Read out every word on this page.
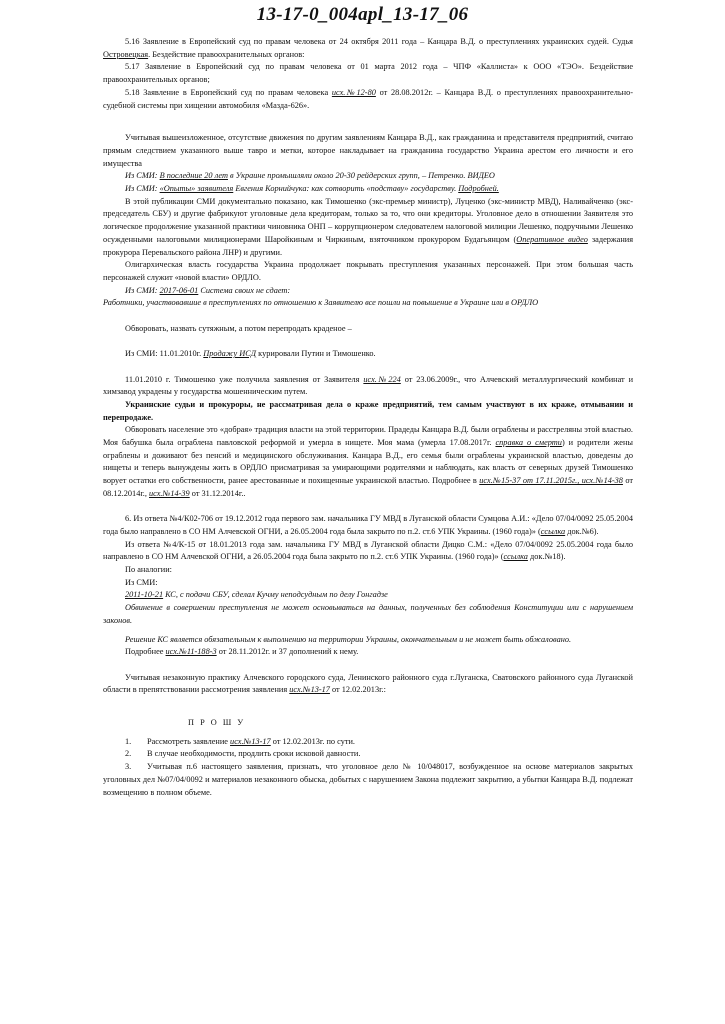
13-17-0_004apl_13-17_06

5.16 Заявление в Европейский суд по правам человека от 24 октября 2011 года – Канцара В.Д. о преступлениях украинских судей. Судья Островецкая. Бездействие правоохранительных органов:

5.17 Заявление в Европейский суд по правам человека от 01 марта 2012 года – ЧПФ «Каллиста» к ООО «ТЭО». Бездействие правоохранительных органов;

5.18 Заявление в Европейский суд по правам человека исх.№12-80 от 28.08.2012г. – Канцара В.Д. о преступлениях правоохранительно-судебной системы при хищении автомобиля «Мазда-626».

Учитывая вышеизложенное, отсутствие движения по другим заявлениям Канцара В.Д., как гражданина и представителя предприятий, считаю прямым следствием указанного выше тавро и метки, которое накладывает на гражданина государство Украина арестом его личности и его имущества

Из СМИ: В последние 20 лет в Украине промышляли около 20-30 рейдерских групп, – Петренко. ВИДЕО

Из СМИ: «Опыты» заявителя Евгения Корнийчука: как сотворить «подставу» государству. Подробней.

В этой публикации СМИ документально показано, как Тимошенко (экс-премьер министр), Луценко (экс-министр МВД), Наливайченко (экс-председатель СБУ) и другие фабрикуют уголовные дела кредиторам, только за то, что они кредиторы. Уголовное дело в отношении Заявителя это логическое продолжение указанной практики чиновника ОНП – коррупционером следователем налоговой милиции Лешенко, подручными Лешенко осужденными налоговыми милиционерами Шаройкиным и Чиркиным, взяточником прокурором Будагьянцом (Оперативное видео задержания прокурора Перевальского района ЛНР) и другими.

Олигархическая власть государства Украина продолжает покрывать преступления указанных персонажей. При этом большая часть персонажей служит «новой власти» ОРДЛО.

Из СМИ: 2017-06-01 Система своих не сдает:

Работники, участвовавшие в преступлениях по отношению к Заявителю все пошли на повышение в Украине или в ОРДЛО

Обворовать, назвать сутяжным, а потом перепродать краденое –

Из СМИ: 11.01.2010г. Продажу ИСД курировали Путин и Тимошенко.

11.01.2010 г. Тимошенко уже получила заявления от Заявителя исх.№224 от 23.06.2009г., что Алчевский металлургический комбинат и химзавод украдены у государства мошенническим путем.

Украинские судьи и прокуроры, не рассматривая дела о краже предприятий, тем самым участвуют в их краже, отмывании и перепродаже.

Обворовать население это «добрая» традиция власти на этой территории. Прадеды Канцара В.Д. были ограблены и расстреляны этой властью. Моя бабушка была ограблена павловской реформой и умерла в нищете. Моя мама (умерла 17.08.2017г. справка о смерти) и родители жены ограблены и доживают без пенсий и медицинского обслуживания. Канцара В.Д., его семья были ограблены украинской властью, доведены до нищеты и теперь вынуждены жить в ОРДЛО присматривая за умирающими родителями и наблюдать, как власть от северных друзей Тимошенко ворует остатки его собственности, ранее арестованные и похищенные украинской властью. Подробнее в исх.№15-37 от 17.11.2015г., исх.№14-38 от 08.12.2014г., исх.№14-39 от 31.12.2014г..

6. Из ответа №4/К02-706 от 19.12.2012 года первого зам. начальника ГУ МВД в Луганской области Сумцова А.И.: «Дело 07/04/0092 25.05.2004 года было направлено в СО НМ Алчевской ОГНИ, а 26.05.2004 года была закрыто по п.2. ст.6 УПК Украины. (1960 года)» (ссылка док.№6).

Из ответа №4/К-15 от 18.01.2013 года зам. начальника ГУ МВД в Луганской области Дицко С.М.: «Дело 07/04/0092 25.05.2004 года было направлено в СО НМ Алчевской ОГНИ, а 26.05.2004 года была закрыто по п.2. ст.6 УПК Украины. (1960 года)» (ссылка док.№18).

По аналогии:

Из СМИ:

2011-10-21 КС, с подачи СБУ, сделал Кучму неподсудным по делу Гонгадзе

Обвинение в совершении преступления не может основываться на данных, полученных без соблюдения Конституции или с нарушением законов.

Решение КС является обязательным к выполнению на территории Украины, окончательным и не может быть обжаловано.

Подробнее исх.№11-188-3 от 28.11.2012г. и 37 дополнений к нему.

Учитывая незаконную практику Алчевского городского суда, Ленинского районного суда г.Луганска, Сватовского районного суда Луганской области в препятствовании рассмотрения заявления исх.№13-17 от 12.02.2013г.:

П Р О Ш У

1. Рассмотреть заявление исх.№13-17 от 12.02.2013г. по сути.

2. В случае необходимости, продлить сроки исковой давности.

3. Учитывая п.6 настоящего заявления, признать, что уголовное дело № 10/048017, возбужденное на основе материалов закрытых уголовных дел №07/04/0092 и материалов незаконного обыска, добытых с нарушением Закона подлежит закрытию, а убытки Канцара В.Д. подлежат возмещению в полном объеме.
